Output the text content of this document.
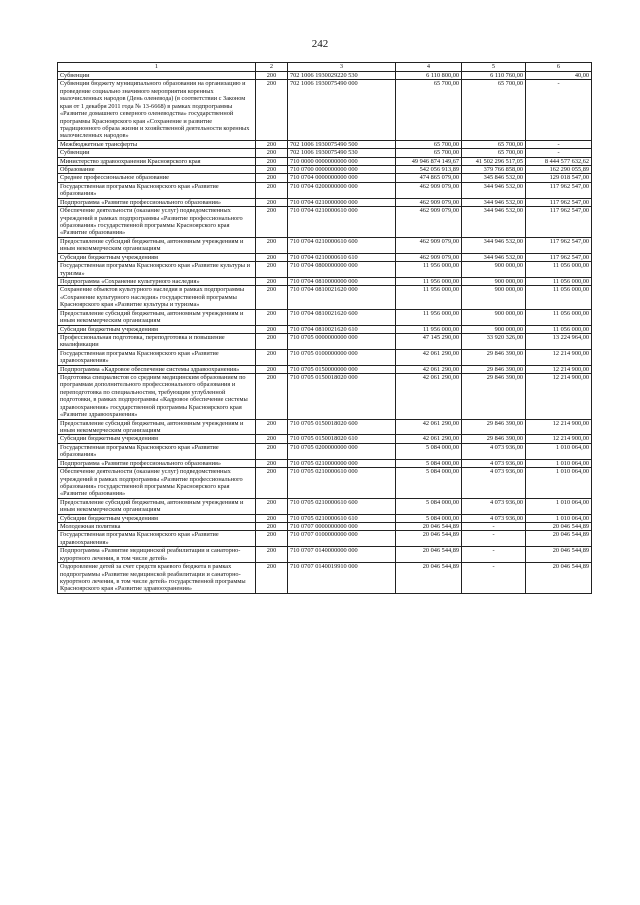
242
1	2	3	4	5	6
Субвенции	200	702 1006 1930029220 530	6 110 800,00	6 110 760,00	40,00
Субвенции бюджету муниципального образования на организацию и проведение социально значимого мероприятия коренных малочисленных народов (День оленевода) (в соответствии с Законом края от 1 декабря 2011 года № 13-6668) в рамках подпрограммы «Развитие домашнего северного оленеводства» государственной программы Красноярского края «Сохранение и развитие традиционного образа жизни и хозяйственной деятельности коренных малочисленных народов»	200	702 1006 1930075490 000	65 700,00	65 700,00	-
Межбюджетные трансферты	200	702 1006 1930075490 500	65 700,00	65 700,00	-
Субвенции	200	702 1006 1930075490 530	65 700,00	65 700,00	-
Министерство здравоохранения Красноярского края	200	710 0000 0000000000 000	49 946 874 149,67	41 502 296 517,05	8 444 577 632,62
Образование	200	710 0700 0000000000 000	542 056 913,89	379 766 858,00	162 290 055,89
Среднее профессиональное образование	200	710 0704 0000000000 000	474 865 079,00	345 846 532,00	129 018 547,00
Государственная программа Красноярского края «Развитие образования»	200	710 0704 0200000000 000	462 909 079,00	344 946 532,00	117 962 547,00
Подпрограмма «Развитие профессионального образования»	200	710 0704 0210000000 000	462 909 079,00	344 946 532,00	117 962 547,00
Обеспечение деятельности (оказание услуг) подведомственных учреждений в рамках подпрограммы «Развитие профессионального образования» государственной программы Красноярского края «Развитие образования»	200	710 0704 0210000610 000	462 909 079,00	344 946 532,00	117 962 547,00
Предоставление субсидий бюджетным, автономным учреждениям и иным некоммерческим организациям	200	710 0704 0210000610 600	462 909 079,00	344 946 532,00	117 962 547,00
Субсидии бюджетным учреждениям	200	710 0704 0210000610 610	462 909 079,00	344 946 532,00	117 962 547,00
Государственная программа Красноярского края «Развитие культуры и туризма»	200	710 0704 0800000000 000	11 956 000,00	900 000,00	11 056 000,00
Подпрограмма «Сохранение культурного наследия»	200	710 0704 0810000000 000	11 956 000,00	900 000,00	11 056 000,00
Сохранение объектов культурного наследия в рамках подпрограммы «Сохранение культурного наследия» государственной программы Красноярского края «Развитие культуры и туризма»	200	710 0704 0810021620 000	11 956 000,00	900 000,00	11 056 000,00
Предоставление субсидий бюджетным, автономным учреждениям и иным некоммерческим организациям	200	710 0704 0810021620 600	11 956 000,00	900 000,00	11 056 000,00
Субсидии бюджетным учреждениям	200	710 0704 0810021620 610	11 956 000,00	900 000,00	11 056 000,00
Профессиональная подготовка, переподготовка и повышение квалификации	200	710 0705 0000000000 000	47 145 290,00	33 920 326,00	13 224 964,00
Государственная программа Красноярского края «Развитие здравоохранения»	200	710 0705 0100000000 000	42 061 290,00	29 846 390,00	12 214 900,00
Подпрограмма «Кадровое обеспечение системы здравоохранения»	200	710 0705 0150000000 000	42 061 290,00	29 846 390,00	12 214 900,00
Подготовка специалистов со средним медицинским образованием по программам дополнительного профессионального образования и переподготовка по специальностям, требующим углубленной подготовки, в рамках подпрограммы «Кадровое обеспечение системы здравоохранения» государственной программы Красноярского края «Развитие здравоохранения»	200	710 0705 0150018020 000	42 061 290,00	29 846 390,00	12 214 900,00
Предоставление субсидий бюджетным, автономным учреждениям и иным некоммерческим организациям	200	710 0705 0150018020 600	42 061 290,00	29 846 390,00	12 214 900,00
Субсидии бюджетным учреждениям	200	710 0705 0150018020 610	42 061 290,00	29 846 390,00	12 214 900,00
Государственная программа Красноярского края «Развитие образования»	200	710 0705 0200000000 000	5 084 000,00	4 073 936,00	1 010 064,00
Подпрограмма «Развитие профессионального образования»	200	710 0705 0210000000 000	5 084 000,00	4 073 936,00	1 010 064,00
Обеспечение деятельности (оказание услуг) подведомственных учреждений в рамках подпрограммы «Развитие профессионального образования» государственной программы Красноярского края «Развитие образования»	200	710 0705 0210000610 000	5 084 000,00	4 073 936,00	1 010 064,00
Предоставление субсидий бюджетным, автономным учреждениям и иным некоммерческим организациям	200	710 0705 0210000610 600	5 084 000,00	4 073 936,00	1 010 064,00
Субсидии бюджетным учреждениям	200	710 0705 0210000610 610	5 084 000,00	4 073 936,00	1 010 064,00
Молодежная политика	200	710 0707 0000000000 000	20 046 544,89	-	20 046 544,89
Государственная программа Красноярского края «Развитие здравоохранения»	200	710 0707 0100000000 000	20 046 544,89	-	20 046 544,89
Подпрограмма «Развитие медицинской реабилитации и санаторно-курортного лечения, в том числе детей»	200	710 0707 0140000000 000	20 046 544,89	-	20 046 544,89
Оздоровление детей за счет средств краевого бюджета в рамках подпрограммы «Развитие медицинской реабилитации и санаторно-курортного лечения, в том числе детей» государственной программы Красноярского края «Развитие здравоохранения»	200	710 0707 0140019910 000	20 046 544,89	-	20 046 544,89
